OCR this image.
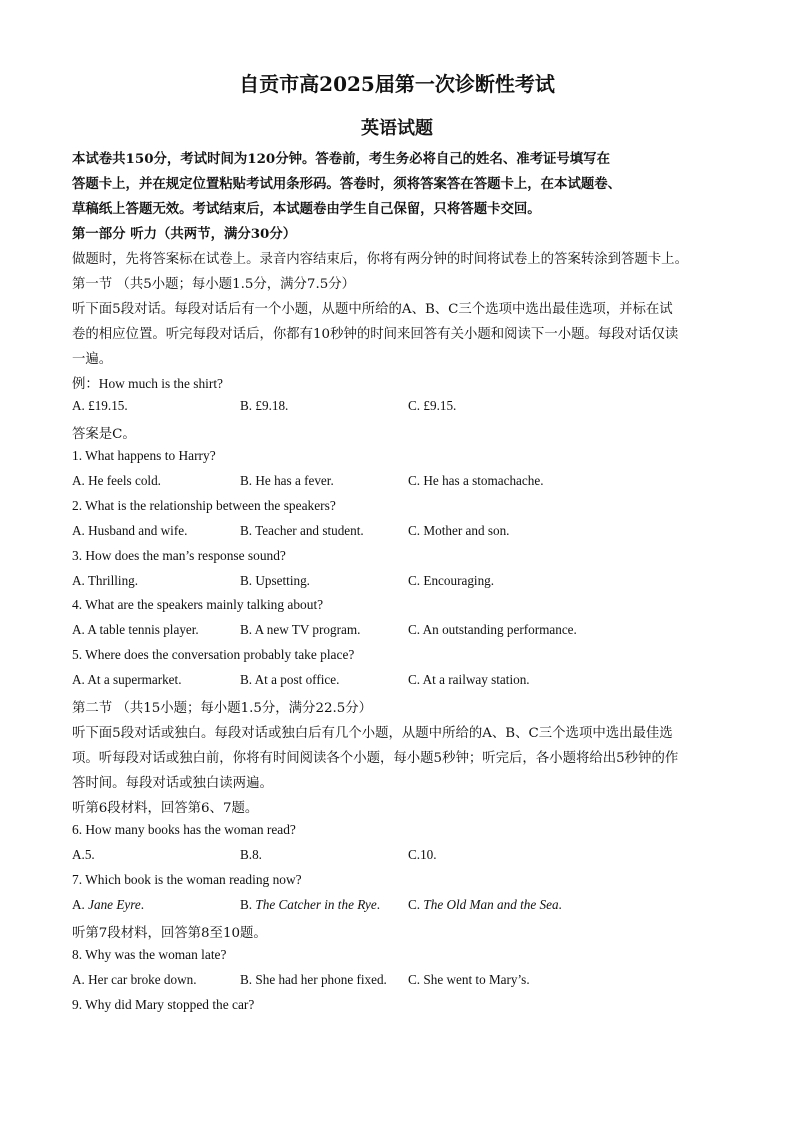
自贡市高2025届第一次诊断性考试
英语试题
本试卷共150分，考试时间为120分钟。答卷前，考生务必将自己的姓名、准考证号填写在
答题卡上，并在规定位置粘贴考试用条形码。答卷时，须将答案答在答题卡上，在本试题卷、
草稿纸上答题无效。考试结束后，本试题卷由学生自己保留，只将答题卡交回。
第一部分 听力（共两节，满分30分）
做题时，先将答案标在试卷上。录音内容结束后，你将有两分钟的时间将试卷上的答案转涂到答题卡上。
第一节 （共5小题；每小题1.5分，满分7.5分）
听下面5段对话。每段对话后有一个小题，从题中所给的A、B、C三个选项中选出最佳选项，并标在试
卷的相应位置。听完每段对话后，你都有10秒钟的时间来回答有关小题和阅读下一小题。每段对话仅读
一遍。
例：How much is the shirt?
A. £19.15.	B. £9.18.	C. £9.15.
答案是C。
1. What happens to Harry?
A. He feels cold.	B. He has a fever.	C. He has a stomachache.
2. What is the relationship between the speakers?
A. Husband and wife.	B. Teacher and student.	C. Mother and son.
3. How does the man’s response sound?
A. Thrilling.	B. Upsetting.	C. Encouraging.
4. What are the speakers mainly talking about?
A. A table tennis player.	B. A new TV program.	C. An outstanding performance.
5. Where does the conversation probably take place?
A. At a supermarket.	B. At a post office.	C. At a railway station.
第二节 （共15小题；每小题1.5分，满分22.5分）
听下面5段对话或独白。每段对话或独白后有几个小题，从题中所给的A、B、C三个选项中选出最佳选
项。听每段对话或独白前，你将有时间阅读各个小题，每小题5秒钟；听完后，各小题将给出5秒钟的作
答时间。每段对话或独白读两遍。
听第6段材料，回答第6、7题。
6. How many books has the woman read?
A.5.	B.8.	C.10.
7. Which book is the woman reading now?
A. Jane Eyre.	B. The Catcher in the Rye. C. The Old Man and the Sea.
听第7段材料，回答第8至10题。
8. Why was the woman late?
A. Her car broke down.	B. She had her phone fixed. C. She went to Mary’s.
9. Why did Mary stopped the car?
